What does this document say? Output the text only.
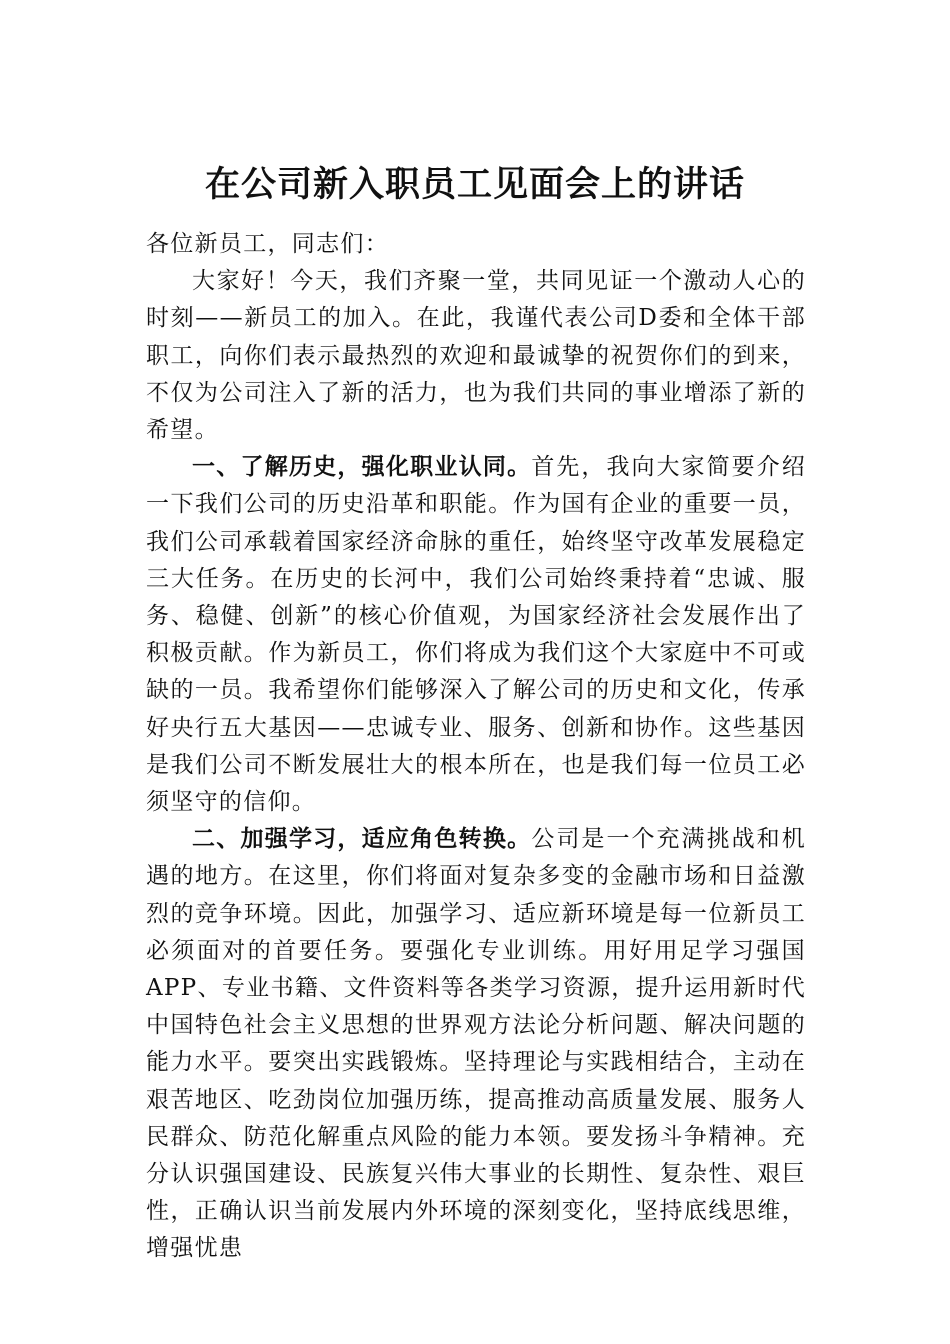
在公司新入职员工见面会上的讲话

各位新员工，同志们：

大家好！今天，我们齐聚一堂，共同见证一个激动人心的时刻——新员工的加入。在此，我谨代表公司D委和全体干部职工，向你们表示最热烈的欢迎和最诚挚的祝贺你们的到来，不仅为公司注入了新的活力，也为我们共同的事业增添了新的希望。

一、了解历史，强化职业认同。首先，我向大家简要介绍一下我们公司的历史沿革和职能。作为国有企业的重要一员，我们公司承载着国家经济命脉的重任，始终坚守改革发展稳定三大任务。在历史的长河中，我们公司始终秉持着“忠诚、服务、稳健、创新”的核心价值观，为国家经济社会发展作出了积极贡献。作为新员工，你们将成为我们这个大家庭中不可或缺的一员。我希望你们能够深入了解公司的历史和文化，传承好央行五大基因——忠诚专业、服务、创新和协作。这些基因是我们公司不断发展壮大的根本所在，也是我们每一位员工必须坚守的信仰。

二、加强学习，适应角色转换。公司是一个充满挑战和机遇的地方。在这里，你们将面对复杂多变的金融市场和日益激烈的竞争环境。因此，加强学习、适应新环境是每一位新员工必须面对的首要任务。要强化专业训练。用好用足学习强国APP、专业书籍、文件资料等各类学习资源，提升运用新时代中国特色社会主义思想的世界观方法论分析问题、解决问题的能力水平。要突出实践锻炼。坚持理论与实践相结合，主动在艰苦地区、吃劲岗位加强历练，提高推动高质量发展、服务人民群众、防范化解重点风险的能力本领。要发扬斗争精神。充分认识强国建设、民族复兴伟大事业的长期性、复杂性、艰巨性，正确认识当前发展内外环境的深刻变化，坚持底线思维，增强忧患
